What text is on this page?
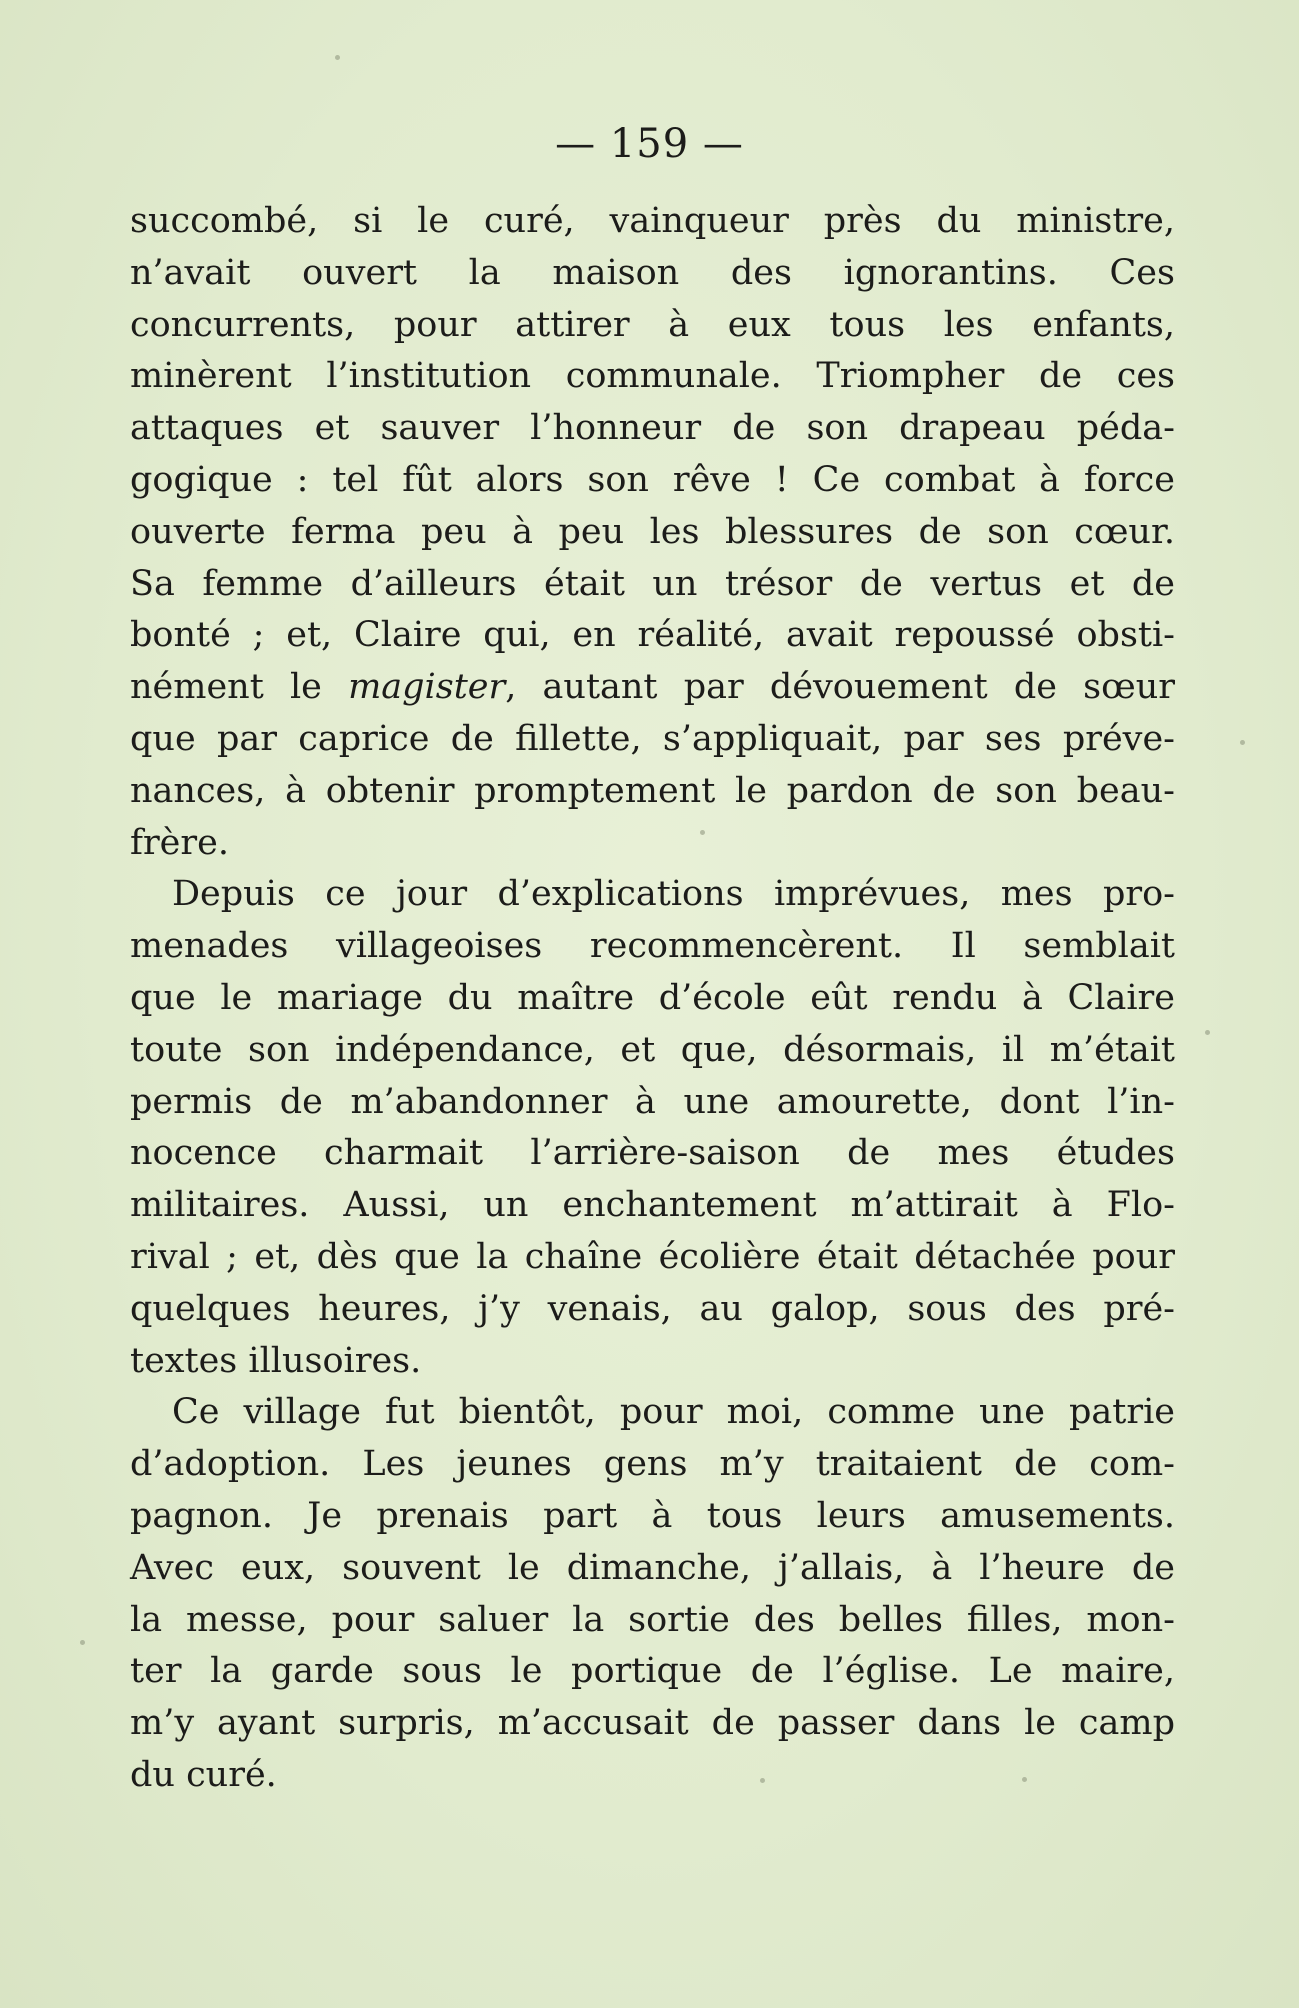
— 159 —
succombé, si le curé, vainqueur près du ministre,
n’avait ouvert la maison des ignorantins. Ces
concurrents, pour attirer à eux tous les enfants,
minèrent l’institution communale. Triompher de ces
attaques et sauver l’honneur de son drapeau péda-
gogique : tel fût alors son rêve ! Ce combat à force
ouverte ferma peu à peu les blessures de son cœur.
Sa femme d’ailleurs était un trésor de vertus et de
bonté ; et, Claire qui, en réalité, avait repoussé obsti-
nément le magister, autant par dévouement de sœur
que par caprice de fillette, s’appliquait, par ses préve-
nances, à obtenir promptement le pardon de son beau-
frère.
Depuis ce jour d’explications imprévues, mes pro-
menades villageoises recommencèrent. Il semblait
que le mariage du maître d’école eût rendu à Claire
toute son indépendance, et que, désormais, il m’était
permis de m’abandonner à une amourette, dont l’in-
nocence charmait l’arrière-saison de mes études
militaires. Aussi, un enchantement m’attirait à Flo-
rival ; et, dès que la chaîne écolière était détachée pour
quelques heures, j’y venais, au galop, sous des pré-
textes illusoires.
Ce village fut bientôt, pour moi, comme une patrie
d’adoption. Les jeunes gens m’y traitaient de com-
pagnon. Je prenais part à tous leurs amusements.
Avec eux, souvent le dimanche, j’allais, à l’heure de
la messe, pour saluer la sortie des belles filles, mon-
ter la garde sous le portique de l’église. Le maire,
m’y ayant surpris, m’accusait de passer dans le camp
du curé.
